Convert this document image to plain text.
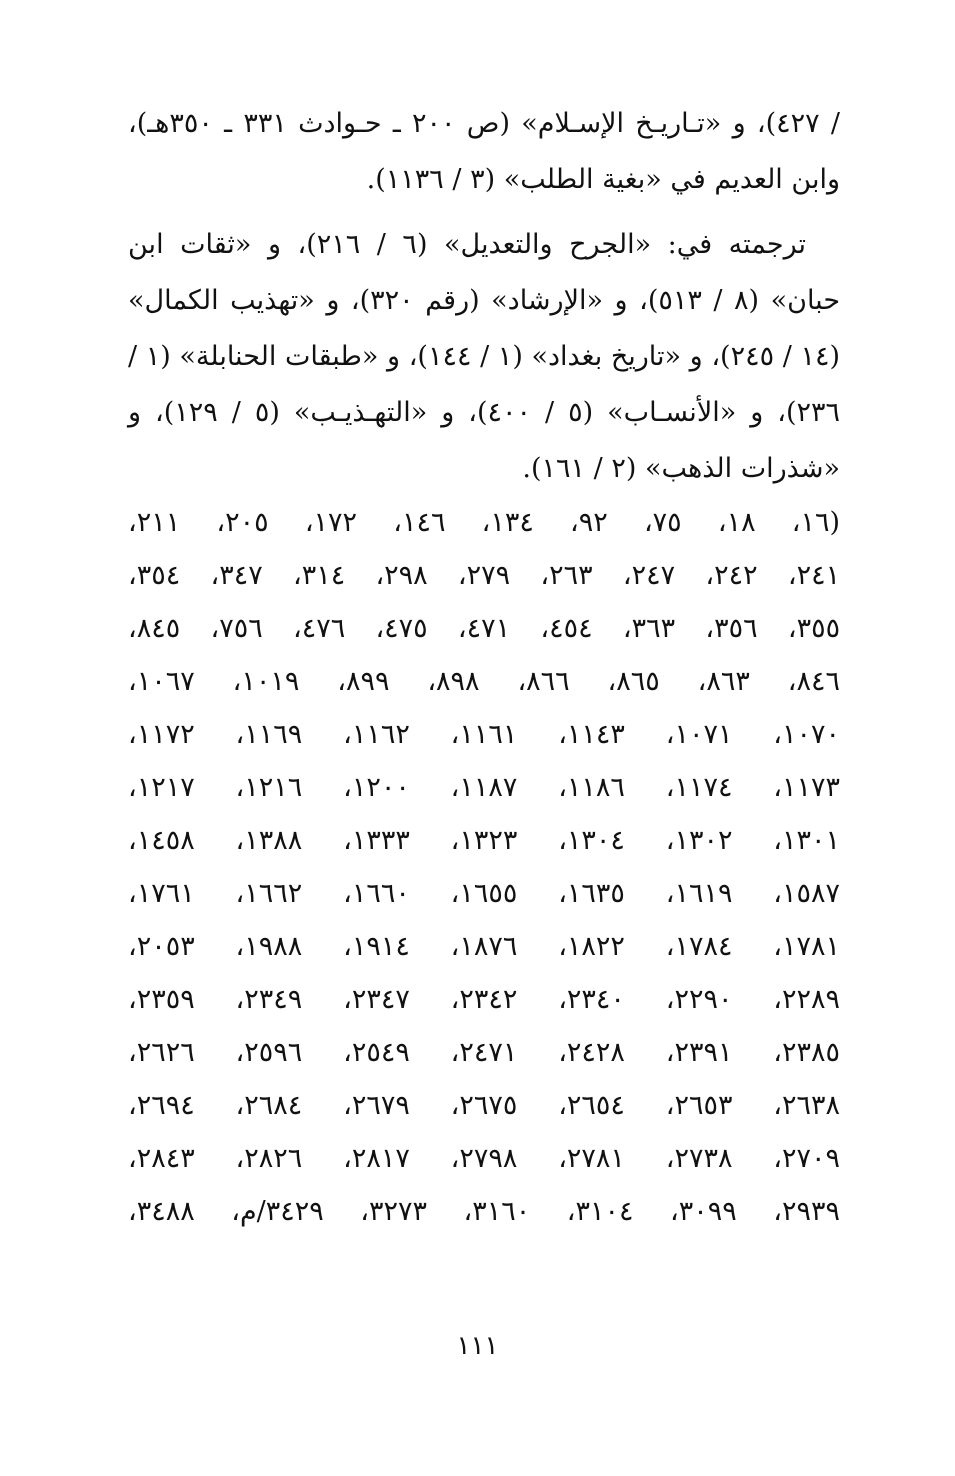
/ ٤٢٧)، و «تـاريـخ الإسـلام» (ص ٢٠٠ ـ حـوادث ٣٣١ ـ ٣٥٠هـ)، وابن العديم في «بغية الطلب» (٣ / ١١٣٦).

ترجمته في: «الجرح والتعديل» (٦ / ٢١٦)، و «ثقات ابن حبان» (٨ / ٥١٣)، و «الإرشاد» (رقم ٣٢٠)، و «تهذيب الكمال» (١٤ / ٢٤٥)، و «تاريخ بغداد» (١ / ١٤٤)، و «طبقات الحنابلة» (١ / ٢٣٦)، و «الأنسـاب» (٥ / ٤٠٠)، و «التهـذيـب» (٥ / ١٢٩)، و «شذرات الذهب» (٢ / ١٦١).

(١٦، ١٨، ٧٥، ٩٢، ١٣٤، ١٤٦، ١٧٢، ٢٠٥، ٢١١،
٢٤١، ٢٤٢، ٢٤٧، ٢٦٣، ٢٧٩، ٢٩٨، ٣١٤، ٣٤٧، ٣٥٤،
٣٥٥، ٣٥٦، ٣٦٣، ٤٥٤، ٤٧١، ٤٧٥، ٤٧٦، ٧٥٦، ٨٤٥،
٨٤٦، ٨٦٣، ٨٦٥، ٨٦٦، ٨٩٨، ٨٩٩، ١٠١٩، ١٠٦٧،
١٠٧٠، ١٠٧١، ١١٤٣، ١١٦١، ١١٦٢، ١١٦٩، ١١٧٢،
١١٧٣، ١١٧٤، ١١٨٦، ١١٨٧، ١٢٠٠، ١٢١٦، ١٢١٧،
١٣٠١، ١٣٠٢، ١٣٠٤، ١٣٢٣، ١٣٣٣، ١٣٨٨، ١٤٥٨،
١٥٨٧، ١٦١٩، ١٦٣٥، ١٦٥٥، ١٦٦٠، ١٦٦٢، ١٧٦١،
١٧٨١، ١٧٨٤، ١٨٢٢، ١٨٧٦، ١٩١٤، ١٩٨٨، ٢٠٥٣،
٢٢٨٩، ٢٢٩٠، ٢٣٤٠، ٢٣٤٢، ٢٣٤٧، ٢٣٤٩، ٢٣٥٩،
٢٣٨٥، ٢٣٩١، ٢٤٢٨، ٢٤٧١، ٢٥٤٩، ٢٥٩٦، ٢٦٢٦،
٢٦٣٨، ٢٦٥٣، ٢٦٥٤، ٢٦٧٥، ٢٦٧٩، ٢٦٨٤، ٢٦٩٤،
٢٧٠٩، ٢٧٣٨، ٢٧٨١، ٢٧٩٨، ٢٨١٧، ٢٨٢٦، ٢٨٤٣،
٢٩٣٩، ٣٠٩٩، ٣١٠٤، ٣١٦٠، ٣٢٧٣، ٣٤٢٩/م، ٣٤٨٨،
١١١
